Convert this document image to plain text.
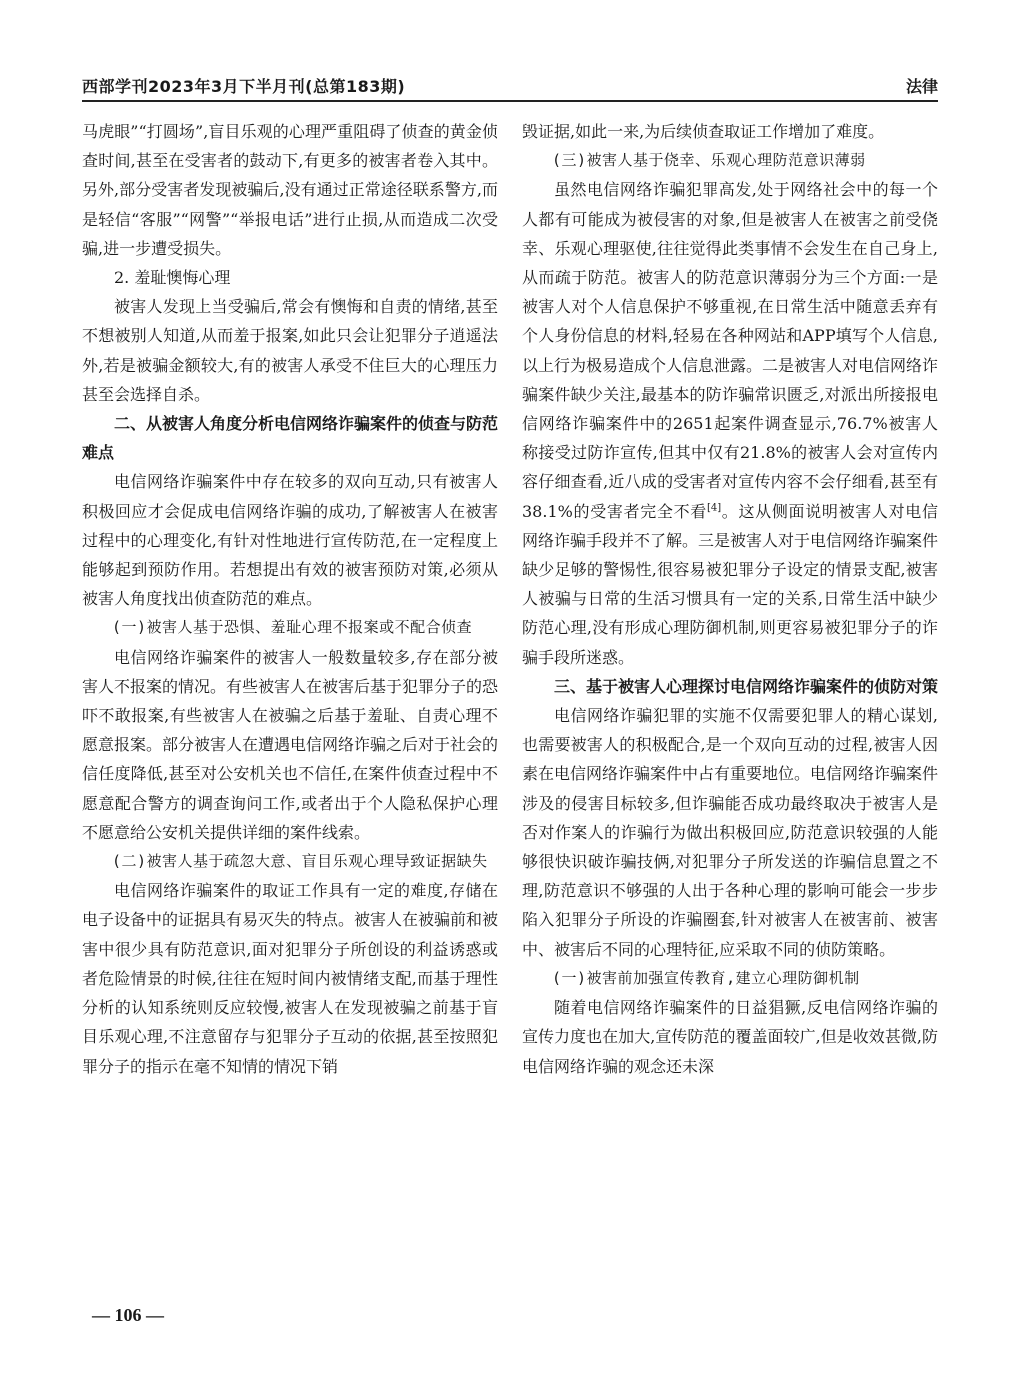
西部学刊2023年3月下半月刊(总第183期)	法律

马虎眼”“打圆场”,盲目乐观的心理严重阻碍了侦查的黄金侦查时间,甚至在受害者的鼓动下,有更多的被害者卷入其中。另外,部分受害者发现被骗后,没有通过正常途径联系警方,而是轻信“客服”“网警”“举报电话”进行止损,从而造成二次受骗,进一步遭受损失。

2. 羞耻懊悔心理

被害人发现上当受骗后,常会有懊悔和自责的情绪,甚至不想被别人知道,从而羞于报案,如此只会让犯罪分子逍遥法外,若是被骗金额较大,有的被害人承受不住巨大的心理压力甚至会选择自杀。

二、从被害人角度分析电信网络诈骗案件的侦查与防范难点

电信网络诈骗案件中存在较多的双向互动,只有被害人积极回应才会促成电信网络诈骗的成功,了解被害人在被害过程中的心理变化,有针对性地进行宣传防范,在一定程度上能够起到预防作用。若想提出有效的被害预防对策,必须从被害人角度找出侦查防范的难点。

(一)被害人基于恐惧、羞耻心理不报案或不配合侦查

电信网络诈骗案件的被害人一般数量较多,存在部分被害人不报案的情况。有些被害人在被害后基于犯罪分子的恐吓不敢报案,有些被害人在被骗之后基于羞耻、自责心理不愿意报案。部分被害人在遭遇电信网络诈骗之后对于社会的信任度降低,甚至对公安机关也不信任,在案件侦查过程中不愿意配合警方的调查询问工作,或者出于个人隐私保护心理不愿意给公安机关提供详细的案件线索。

(二)被害人基于疏忽大意、盲目乐观心理导致证据缺失

电信网络诈骗案件的取证工作具有一定的难度,存储在电子设备中的证据具有易灭失的特点。被害人在被骗前和被害中很少具有防范意识,面对犯罪分子所创设的利益诱惑或者危险情景的时候,往往在短时间内被情绪支配,而基于理性分析的认知系统则反应较慢,被害人在发现被骗之前基于盲目乐观心理,不注意留存与犯罪分子互动的依据,甚至按照犯罪分子的指示在毫不知情的情况下销

毁证据,如此一来,为后续侦查取证工作增加了难度。

(三)被害人基于侥幸、乐观心理防范意识薄弱

虽然电信网络诈骗犯罪高发,处于网络社会中的每一个人都有可能成为被侵害的对象,但是被害人在被害之前受侥幸、乐观心理驱使,往往觉得此类事情不会发生在自己身上,从而疏于防范。被害人的防范意识薄弱分为三个方面:一是被害人对个人信息保护不够重视,在日常生活中随意丢弃有个人身份信息的材料,轻易在各种网站和APP填写个人信息,以上行为极易造成个人信息泄露。二是被害人对电信网络诈骗案件缺少关注,最基本的防诈骗常识匮乏,对派出所接报电信网络诈骗案件中的2651起案件调查显示,76.7%被害人称接受过防诈宣传,但其中仅有21.8%的被害人会对宣传内容仔细查看,近八成的受害者对宣传内容不会仔细看,甚至有38.1%的受害者完全不看[4]。这从侧面说明被害人对电信网络诈骗手段并不了解。三是被害人对于电信网络诈骗案件缺少足够的警惕性,很容易被犯罪分子设定的情景支配,被害人被骗与日常的生活习惯具有一定的关系,日常生活中缺少防范心理,没有形成心理防御机制,则更容易被犯罪分子的诈骗手段所迷惑。

三、基于被害人心理探讨电信网络诈骗案件的侦防对策

电信网络诈骗犯罪的实施不仅需要犯罪人的精心谋划,也需要被害人的积极配合,是一个双向互动的过程,被害人因素在电信网络诈骗案件中占有重要地位。电信网络诈骗案件涉及的侵害目标较多,但诈骗能否成功最终取决于被害人是否对作案人的诈骗行为做出积极回应,防范意识较强的人能够很快识破诈骗技俩,对犯罪分子所发送的诈骗信息置之不理,防范意识不够强的人出于各种心理的影响可能会一步步陷入犯罪分子所设的诈骗圈套,针对被害人在被害前、被害中、被害后不同的心理特征,应采取不同的侦防策略。

(一)被害前加强宣传教育,建立心理防御机制

随着电信网络诈骗案件的日益猖獗,反电信网络诈骗的宣传力度也在加大,宣传防范的覆盖面较广,但是收效甚微,防电信网络诈骗的观念还未深

— 106 —
